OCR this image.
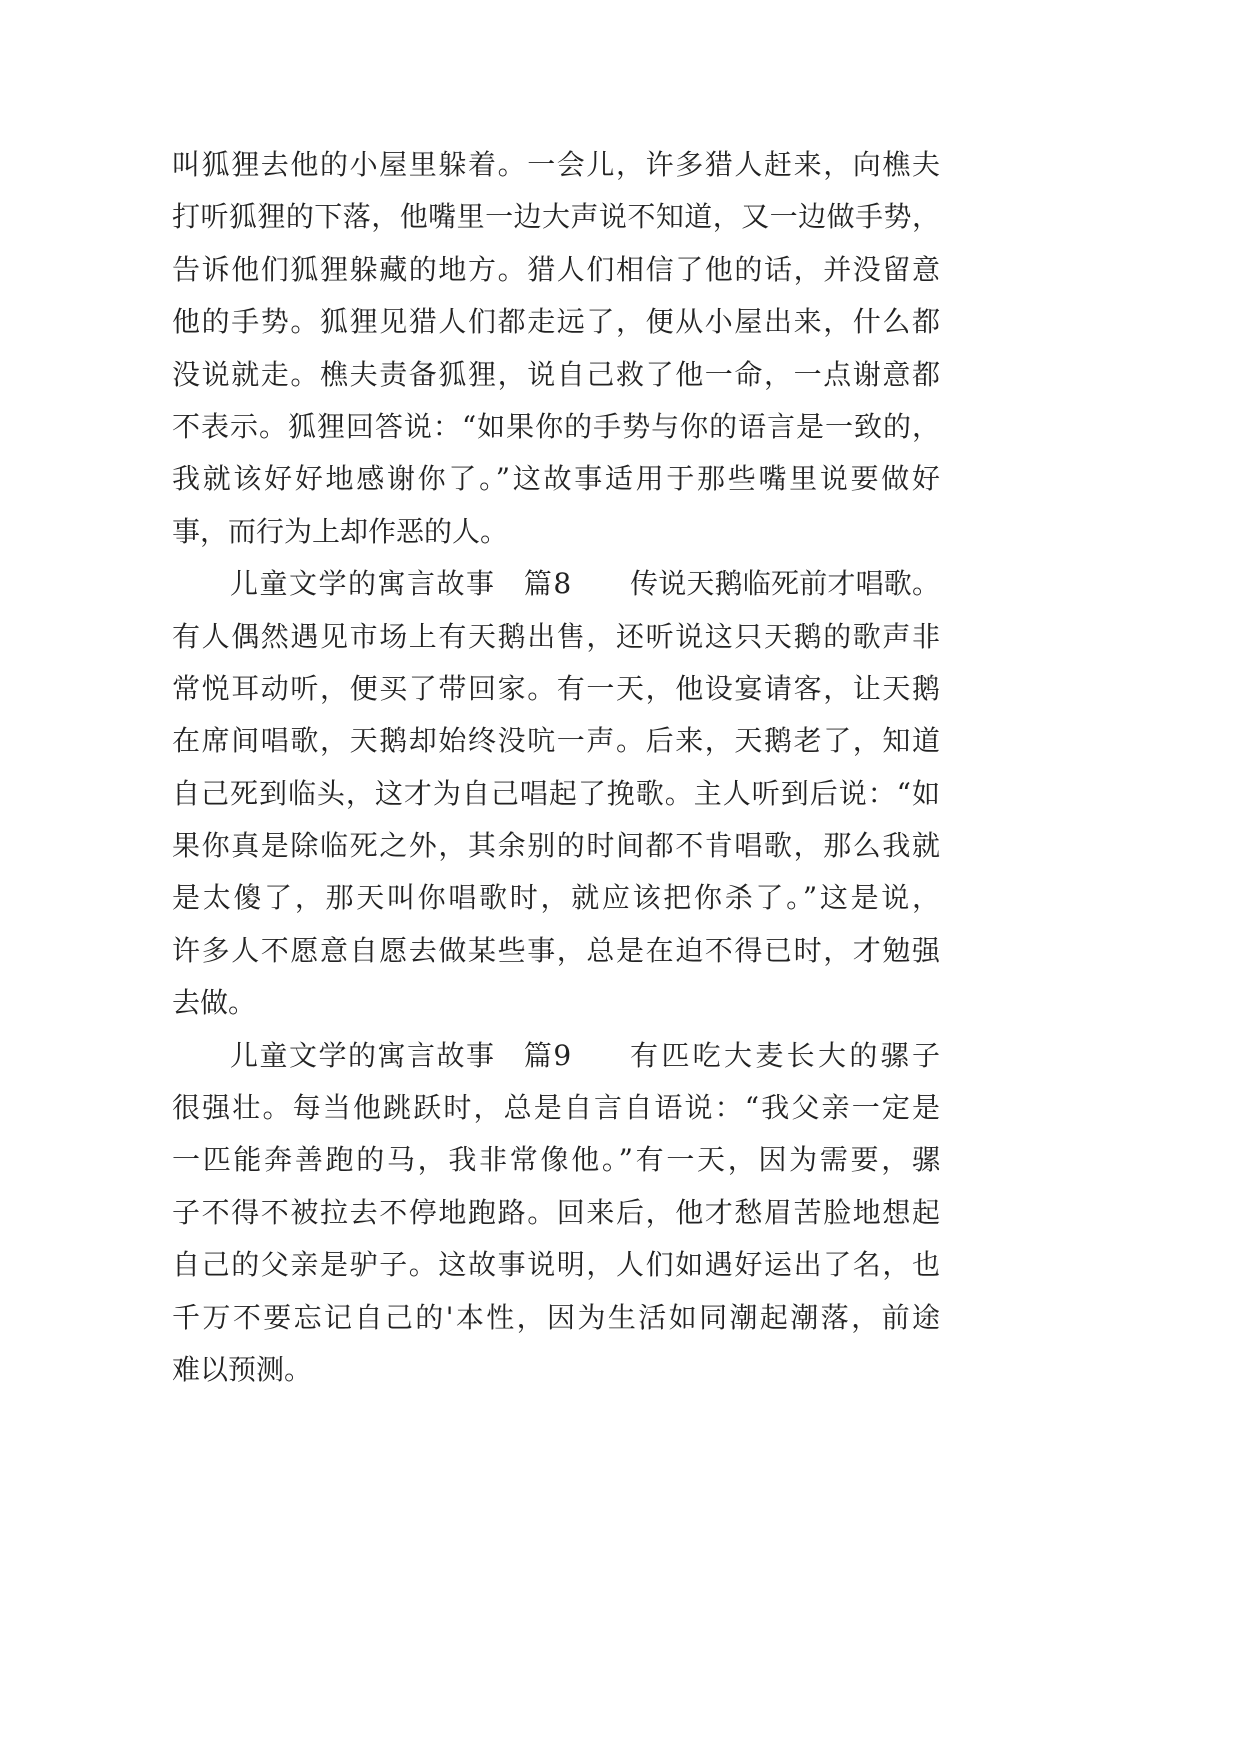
叫狐狸去他的小屋里躲着。一会儿，许多猎人赶来，向樵夫
打听狐狸的下落，他嘴里一边大声说不知道，又一边做手势，
告诉他们狐狸躲藏的地方。猎人们相信了他的话，并没留意
他的手势。狐狸见猎人们都走远了，便从小屋出来，什么都
没说就走。樵夫责备狐狸，说自己救了他一命，一点谢意都
不表示。狐狸回答说：“如果你的手势与你的语言是一致的，
我就该好好地感谢你了。”这故事适用于那些嘴里说要做好
事，而行为上却作恶的人。
儿童文学的寓言故事 篇8 传说天鹅临死前才唱歌。
有人偶然遇见市场上有天鹅出售，还听说这只天鹅的歌声非
常悦耳动听，便买了带回家。有一天，他设宴请客，让天鹅
在席间唱歌，天鹅却始终没吭一声。后来，天鹅老了，知道
自己死到临头，这才为自己唱起了挽歌。主人听到后说：“如
果你真是除临死之外，其余别的时间都不肯唱歌，那么我就
是太傻了，那天叫你唱歌时，就应该把你杀了。”这是说，
许多人不愿意自愿去做某些事，总是在迫不得已时，才勉强
去做。
儿童文学的寓言故事 篇9 有匹吃大麦长大的骡子
很强壮。每当他跳跃时，总是自言自语说：“我父亲一定是
一匹能奔善跑的马，我非常像他。”有一天，因为需要，骡
子不得不被拉去不停地跑路。回来后，他才愁眉苦脸地想起
自己的父亲是驴子。这故事说明，人们如遇好运出了名，也
千万不要忘记自己的'本性，因为生活如同潮起潮落，前途
难以预测。
